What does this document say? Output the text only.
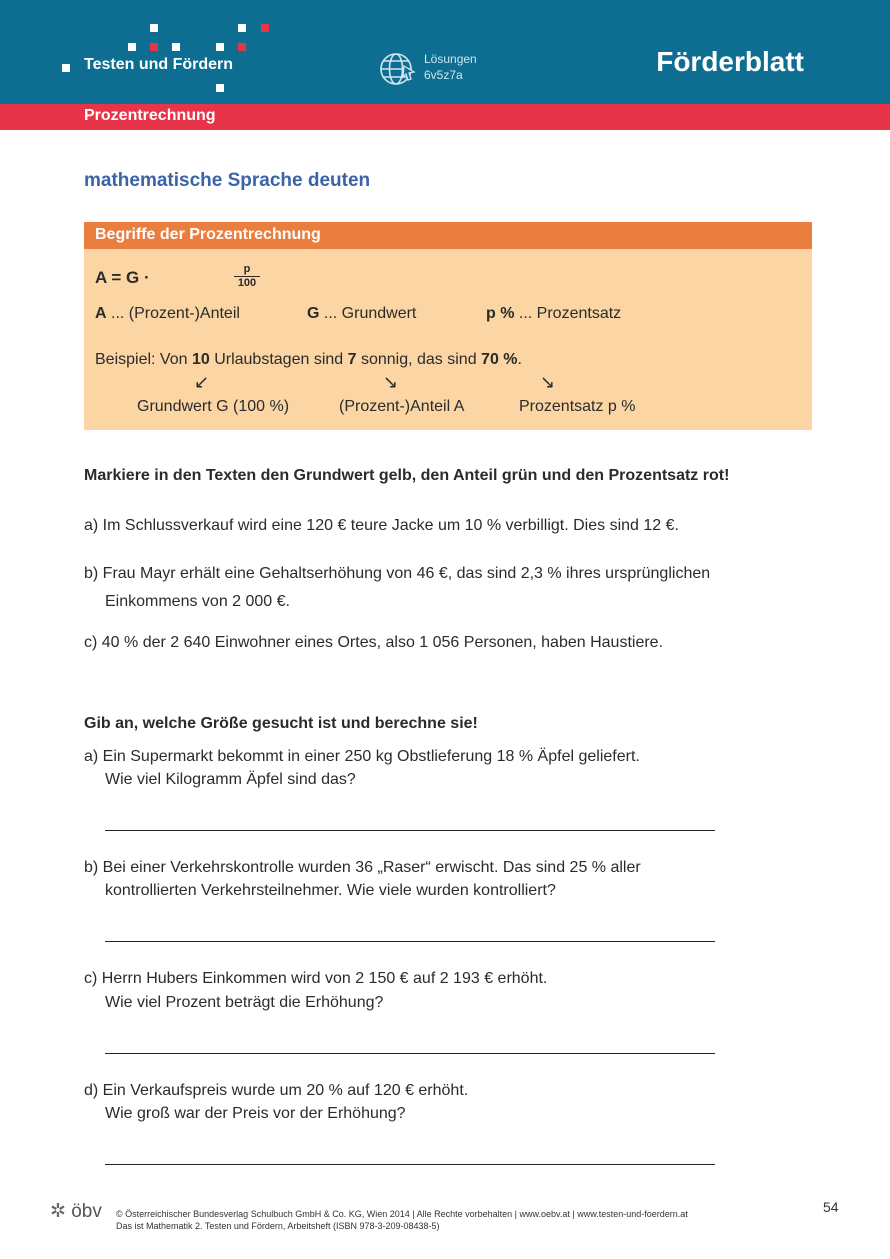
Testen und Fördern	Lösungen
6v5z7a	Förderblatt
Prozentrechnung
mathematische Sprache deuten
Begriffe der Prozentrechnung
A = G ·	$\frac{p}{100}$
A ... (Prozent-)Anteil	G ... Grundwert	p % ... Prozentsatz
Beispiel: Von 10 Urlaubstagen sind 7 sonnig, das sind 70 %.
↙	↘	↘
Grundwert G (100 %)	(Prozent-)Anteil A	Prozentsatz p %
Markiere in den Texten den Grundwert gelb, den Anteil grün und den Prozentsatz rot!
a) Im Schlussverkauf wird eine 120 € teure Jacke um 10 % verbilligt. Dies sind 12 €.
b) Frau Mayr erhält eine Gehaltserhöhung von 46 €, das sind 2,3 % ihres ursprünglichen
Einkommens von 2 000 €.
c) 40 % der 2 640 Einwohner eines Ortes, also 1 056 Personen, haben Haustiere.
Gib an, welche Größe gesucht ist und berechne sie!
a) Ein Supermarkt bekommt in einer 250 kg Obstlieferung 18 % Äpfel geliefert.
Wie viel Kilogramm Äpfel sind das?
b) Bei einer Verkehrskontrolle wurden 36 „Raser“ erwischt. Das sind 25 % aller
kontrollierten Verkehrsteilnehmer. Wie viele wurden kontrolliert?
c) Herrn Hubers Einkommen wird von 2 150 € auf 2 193 € erhöht.
Wie viel Prozent beträgt die Erhöhung?
d) Ein Verkaufspreis wurde um 20 % auf 120 € erhöht.
Wie groß war der Preis vor der Erhöhung?
✲ öbv © Österreichischer Bundesverlag Schulbuch GmbH & Co. KG, Wien 2014 | Alle Rechte vorbehalten | www.oebv.at | www.testen-und-foerdern.at
Das ist Mathematik 2. Testen und Fördern, Arbeitsheft (ISBN 978-3-209-08438-5)
54
